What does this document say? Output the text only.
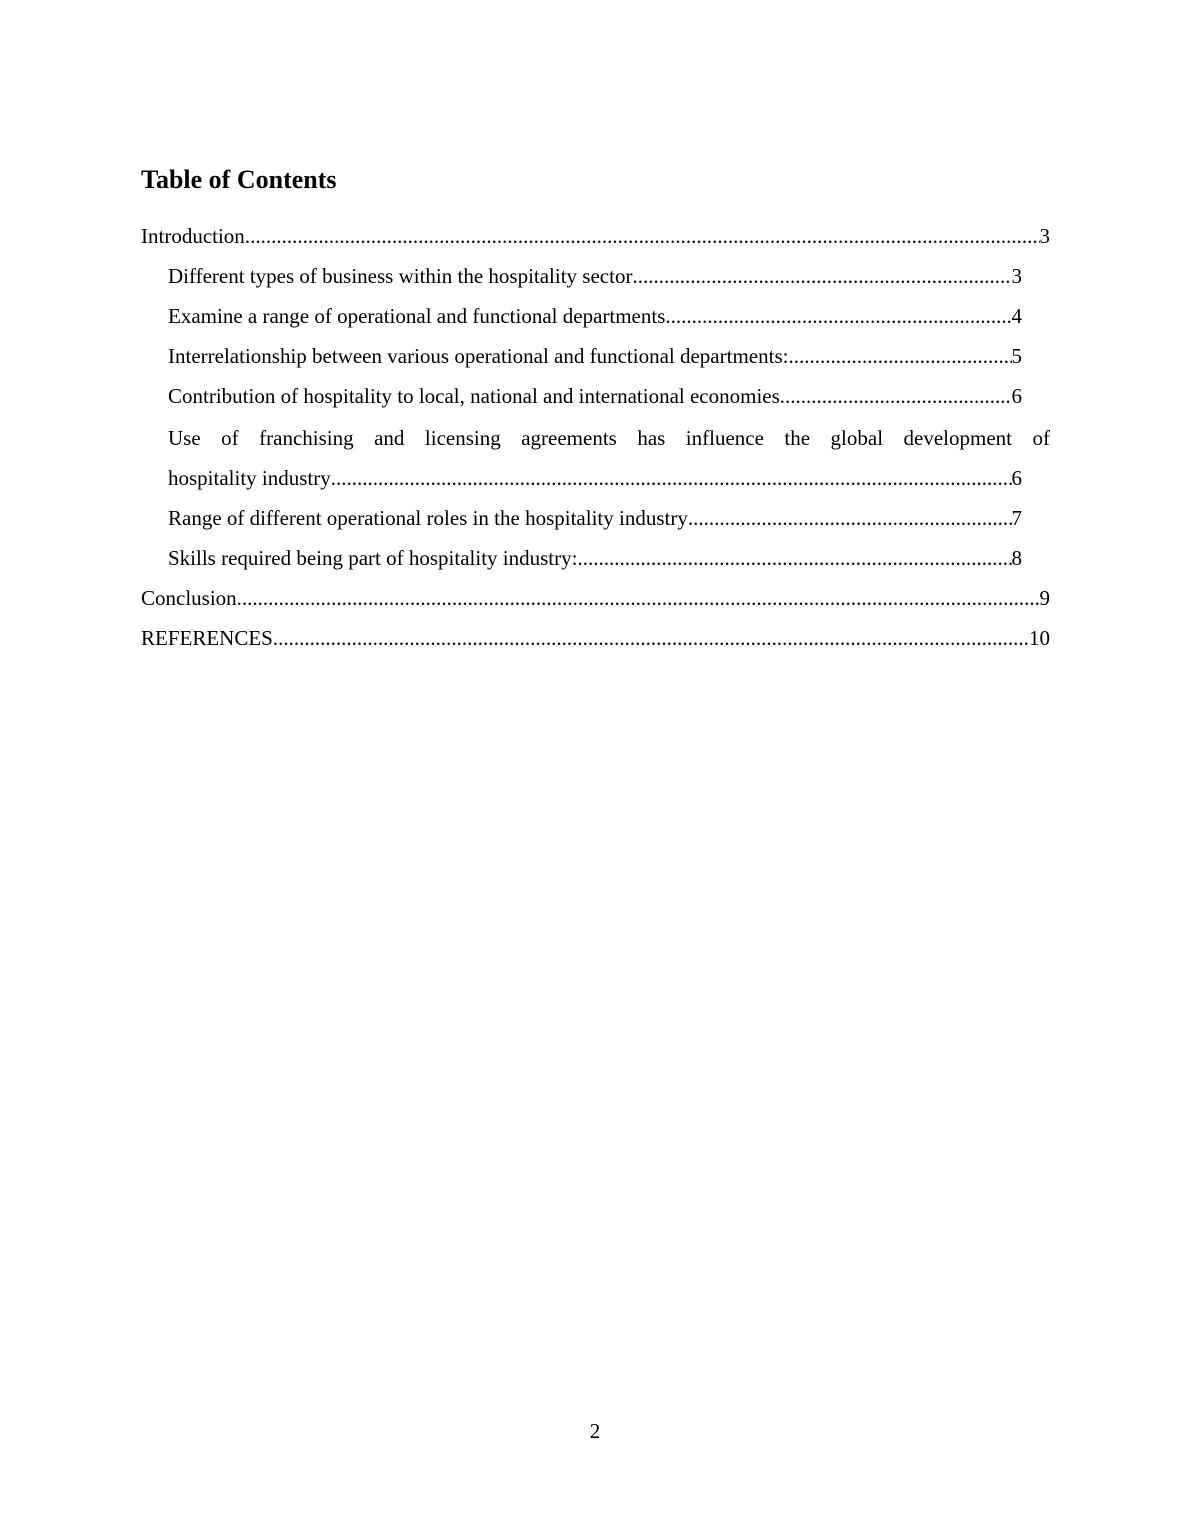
Table of Contents
Introduction .....	3
Different types of business within the hospitality sector .....	3
Examine a range of operational and functional departments .....	4
Interrelationship between various operational and functional departments: .....	5
Contribution of hospitality to local, national and international economies .....	6
Use of franchising and licensing agreements has influence the global development of
hospitality industry .....	6
Range of different operational roles in the hospitality industry .....	7
Skills required being part of hospitality industry: .....	8
Conclusion .....	9
REFERENCES .....	10
2
